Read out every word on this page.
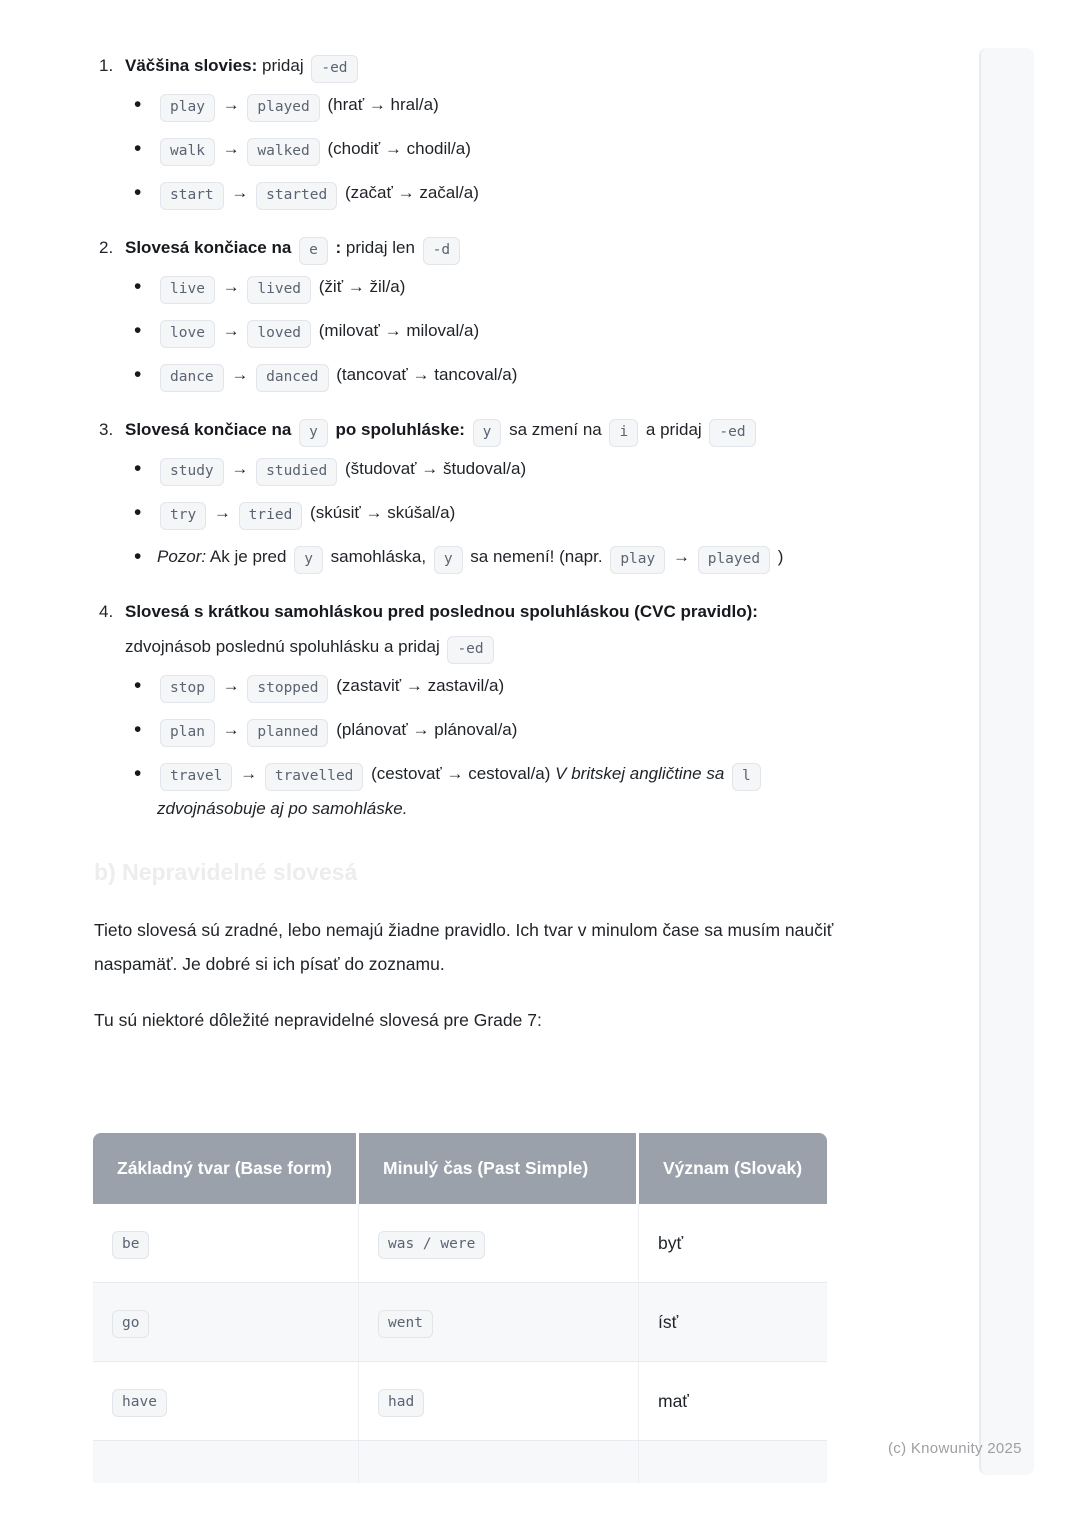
1. Väčšina slovies: pridaj -ed
• play → played (hrať → hral/a)
• walk → walked (chodiť → chodil/a)
• start → started (začať → začal/a)
2. Slovesá končiace na e : pridaj len -d
• live → lived (žiť → žil/a)
• love → loved (milovať → miloval/a)
• dance → danced (tancovať → tancoval/a)
3. Slovesá končiace na y po spoluhláske: y sa zmení na i a pridaj -ed
• study → studied (študovať → študoval/a)
• try → tried (skúsiť → skúšal/a)
• Pozor: Ak je pred y samohláska, y sa nemení! (napr. play → played )
4. Slovesá s krátkou samohláskou pred poslednou spoluhláskou (CVC pravidlo): zdvojnásob poslednú spoluhlásku a pridaj -ed
• stop → stopped (zastaviť → zastavil/a)
• plan → planned (plánovať → plánoval/a)
• travel → travelled (cestovať → cestoval/a) V britskej angličtine sa l zdvojnásobuje aj po samohláske.
b) Nepravidelné slovesá

Tieto slovesá sú zradné, lebo nemajú žiadne pravidlo. Ich tvar v minulom čase sa musím naučiť naspamäť. Je dobré si ich písať do zoznamu.

Tu sú niektoré dôležité nepravidelné slovesá pre Grade 7:

Základný tvar (Base form)	Minulý čas (Past Simple)	Význam (Slovak)
be	was / were	byť
go	went	ísť
have	had	mať

(c) Knowunity 2025
